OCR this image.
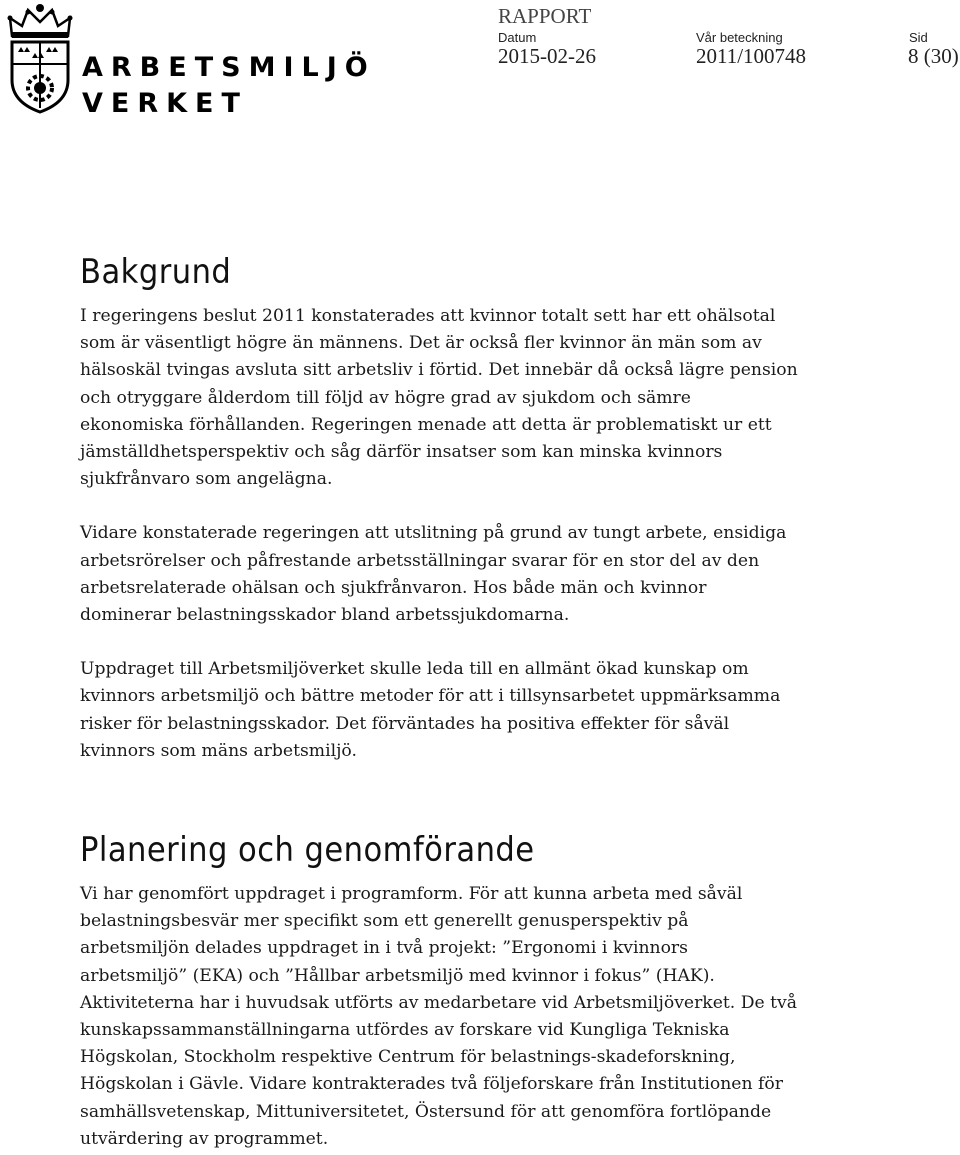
ARBETSMILJÖ
VERKET
RAPPORT
Datum
2015-02-26
Vår beteckning
2011/100748
Sid
8 (30)
Bakgrund

I regeringens beslut 2011 konstaterades att kvinnor totalt sett har ett ohälsotal som är väsentligt högre än männens. Det är också fler kvinnor än män som av hälsoskäl tvingas avsluta sitt arbetsliv i förtid. Det innebär då också lägre pension och otryggare ålderdom till följd av högre grad av sjukdom och sämre ekonomiska förhållanden. Regeringen menade att detta är problematiskt ur ett jämställdhetsperspektiv och såg därför insatser som kan minska kvinnors sjukfrånvaro som angelägna.

Vidare konstaterade regeringen att utslitning på grund av tungt arbete, ensidiga arbetsrörelser och påfrestande arbetsställningar svarar för en stor del av den arbetsrelaterade ohälsan och sjukfrånvaron. Hos både män och kvinnor dominerar belastningsskador bland arbetssjukdomarna.

Uppdraget till Arbetsmiljöverket skulle leda till en allmänt ökad kunskap om kvinnors arbetsmiljö och bättre metoder för att i tillsynsarbetet uppmärksamma risker för belastningsskador. Det förväntades ha positiva effekter för såväl kvinnors som mäns arbetsmiljö.

Planering och genomförande

Vi har genomfört uppdraget i programform. För att kunna arbeta med såväl belastningsbesvär mer specifikt som ett generellt genusperspektiv på arbetsmiljön delades uppdraget in i två projekt: ”Ergonomi i kvinnors arbetsmiljö” (EKA) och ”Hållbar arbetsmiljö med kvinnor i fokus” (HAK). Aktiviteterna har i huvudsak utförts av medarbetare vid Arbetsmiljöverket. De två kunskapssammanställningarna utfördes av forskare vid Kungliga Tekniska Högskolan, Stockholm respektive Centrum för belastnings-skadeforskning, Högskolan i Gävle. Vidare kontrakterades två följeforskare från Institutionen för samhällsvetenskap, Mittuniversitetet, Östersund för att genomföra fortlöpande utvärdering av programmet.
